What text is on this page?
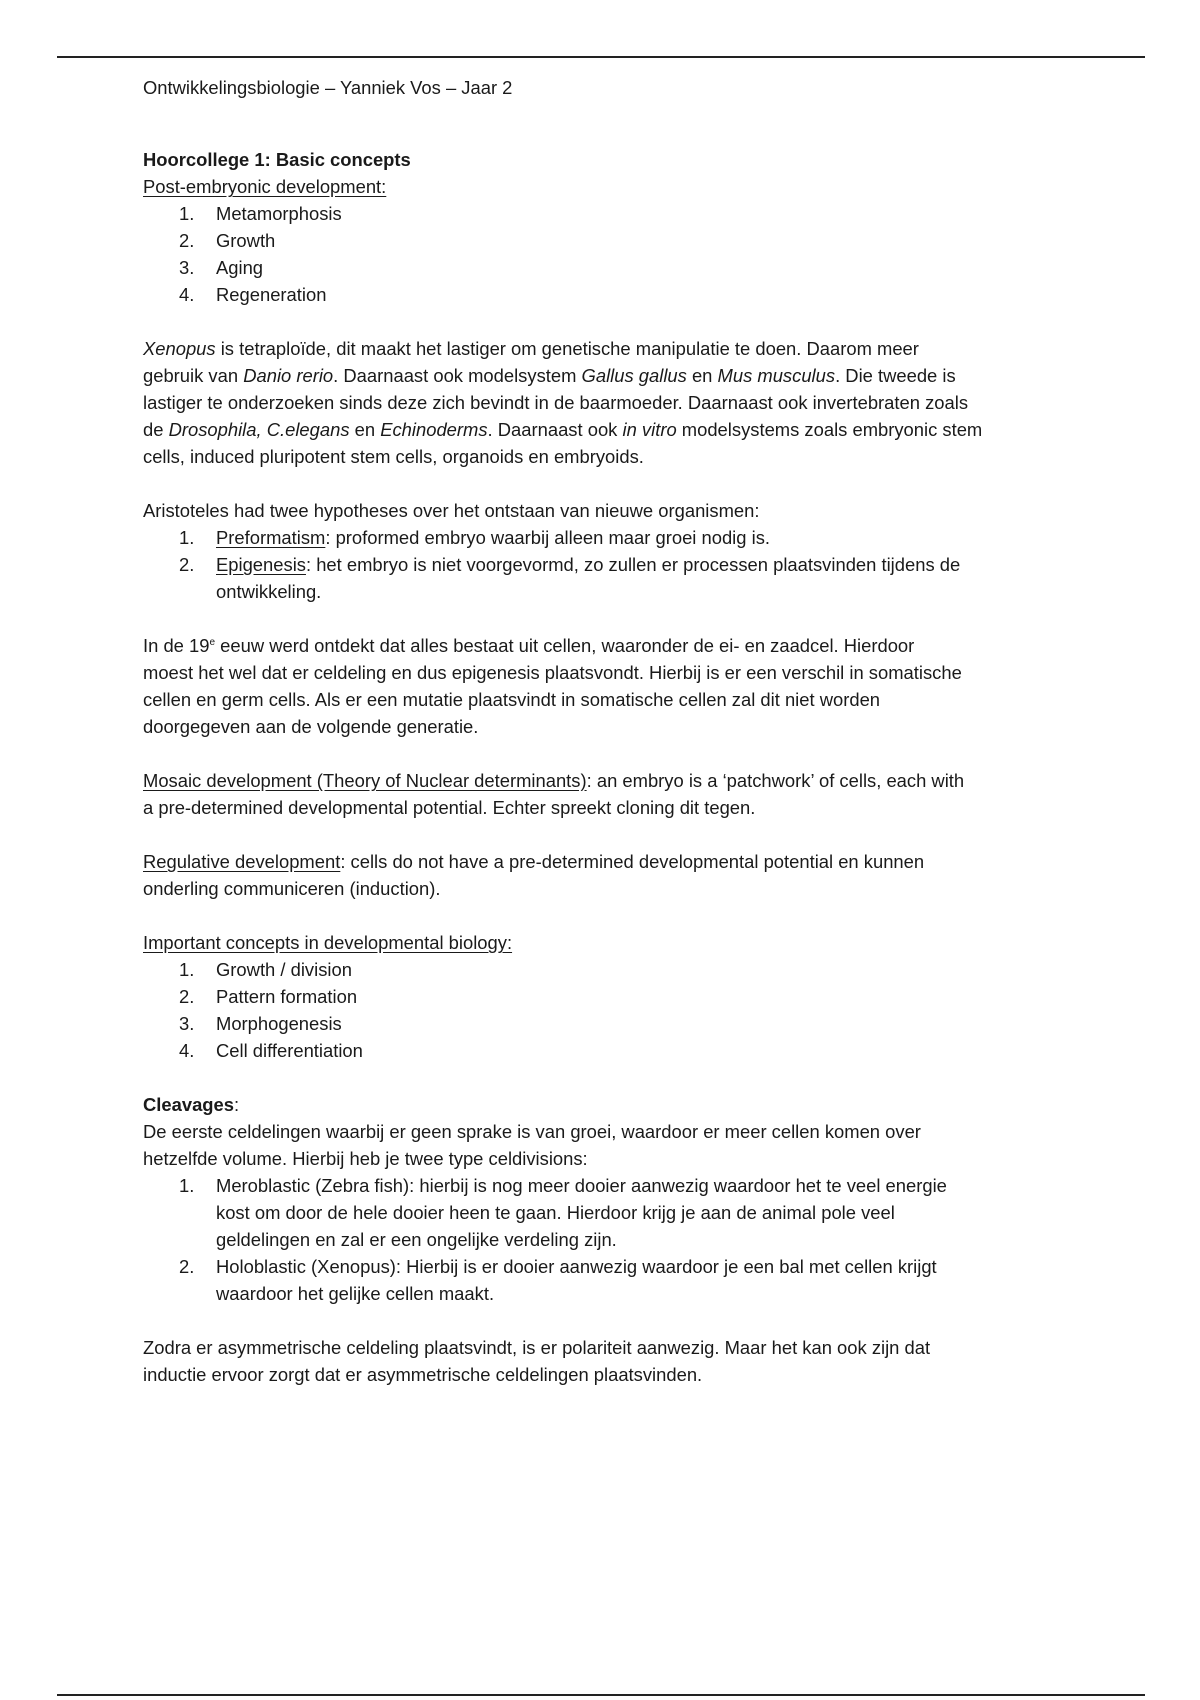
Ontwikkelingsbiologie – Yanniek Vos – Jaar 2
Hoorcollege 1: Basic concepts
Post-embryonic development:
1. Metamorphosis
2. Growth
3. Aging
4. Regeneration
Xenopus is tetraploïde, dit maakt het lastiger om genetische manipulatie te doen. Daarom meer
gebruik van Danio rerio. Daarnaast ook modelsystem Gallus gallus en Mus musculus. Die tweede is
lastiger te onderzoeken sinds deze zich bevindt in de baarmoeder. Daarnaast ook invertebraten zoals
de Drosophila, C.elegans en Echinoderms. Daarnaast ook in vitro modelsystems zoals embryonic stem
cells, induced pluripotent stem cells, organoids en embryoids.
Aristoteles had twee hypotheses over het ontstaan van nieuwe organismen:
1. Preformatism: proformed embryo waarbij alleen maar groei nodig is.
2. Epigenesis: het embryo is niet voorgevormd, zo zullen er processen plaatsvinden tijdens de
ontwikkeling.
In de 19e eeuw werd ontdekt dat alles bestaat uit cellen, waaronder de ei- en zaadcel. Hierdoor
moest het wel dat er celdeling en dus epigenesis plaatsvondt. Hierbij is er een verschil in somatische
cellen en germ cells. Als er een mutatie plaatsvindt in somatische cellen zal dit niet worden
doorgegeven aan de volgende generatie.
Mosaic development (Theory of Nuclear determinants): an embryo is a ‘patchwork’ of cells, each with
a pre-determined developmental potential. Echter spreekt cloning dit tegen.
Regulative development: cells do not have a pre-determined developmental potential en kunnen
onderling communiceren (induction).
Important concepts in developmental biology:
1. Growth / division
2. Pattern formation
3. Morphogenesis
4. Cell differentiation
Cleavages:
De eerste celdelingen waarbij er geen sprake is van groei, waardoor er meer cellen komen over
hetzelfde volume. Hierbij heb je twee type celdivisions:
1. Meroblastic (Zebra fish): hierbij is nog meer dooier aanwezig waardoor het te veel energie
kost om door de hele dooier heen te gaan. Hierdoor krijg je aan de animal pole veel
geldelingen en zal er een ongelijke verdeling zijn.
2. Holoblastic (Xenopus): Hierbij is er dooier aanwezig waardoor je een bal met cellen krijgt
waardoor het gelijke cellen maakt.
Zodra er asymmetrische celdeling plaatsvindt, is er polariteit aanwezig. Maar het kan ook zijn dat
inductie ervoor zorgt dat er asymmetrische celdelingen plaatsvinden.
